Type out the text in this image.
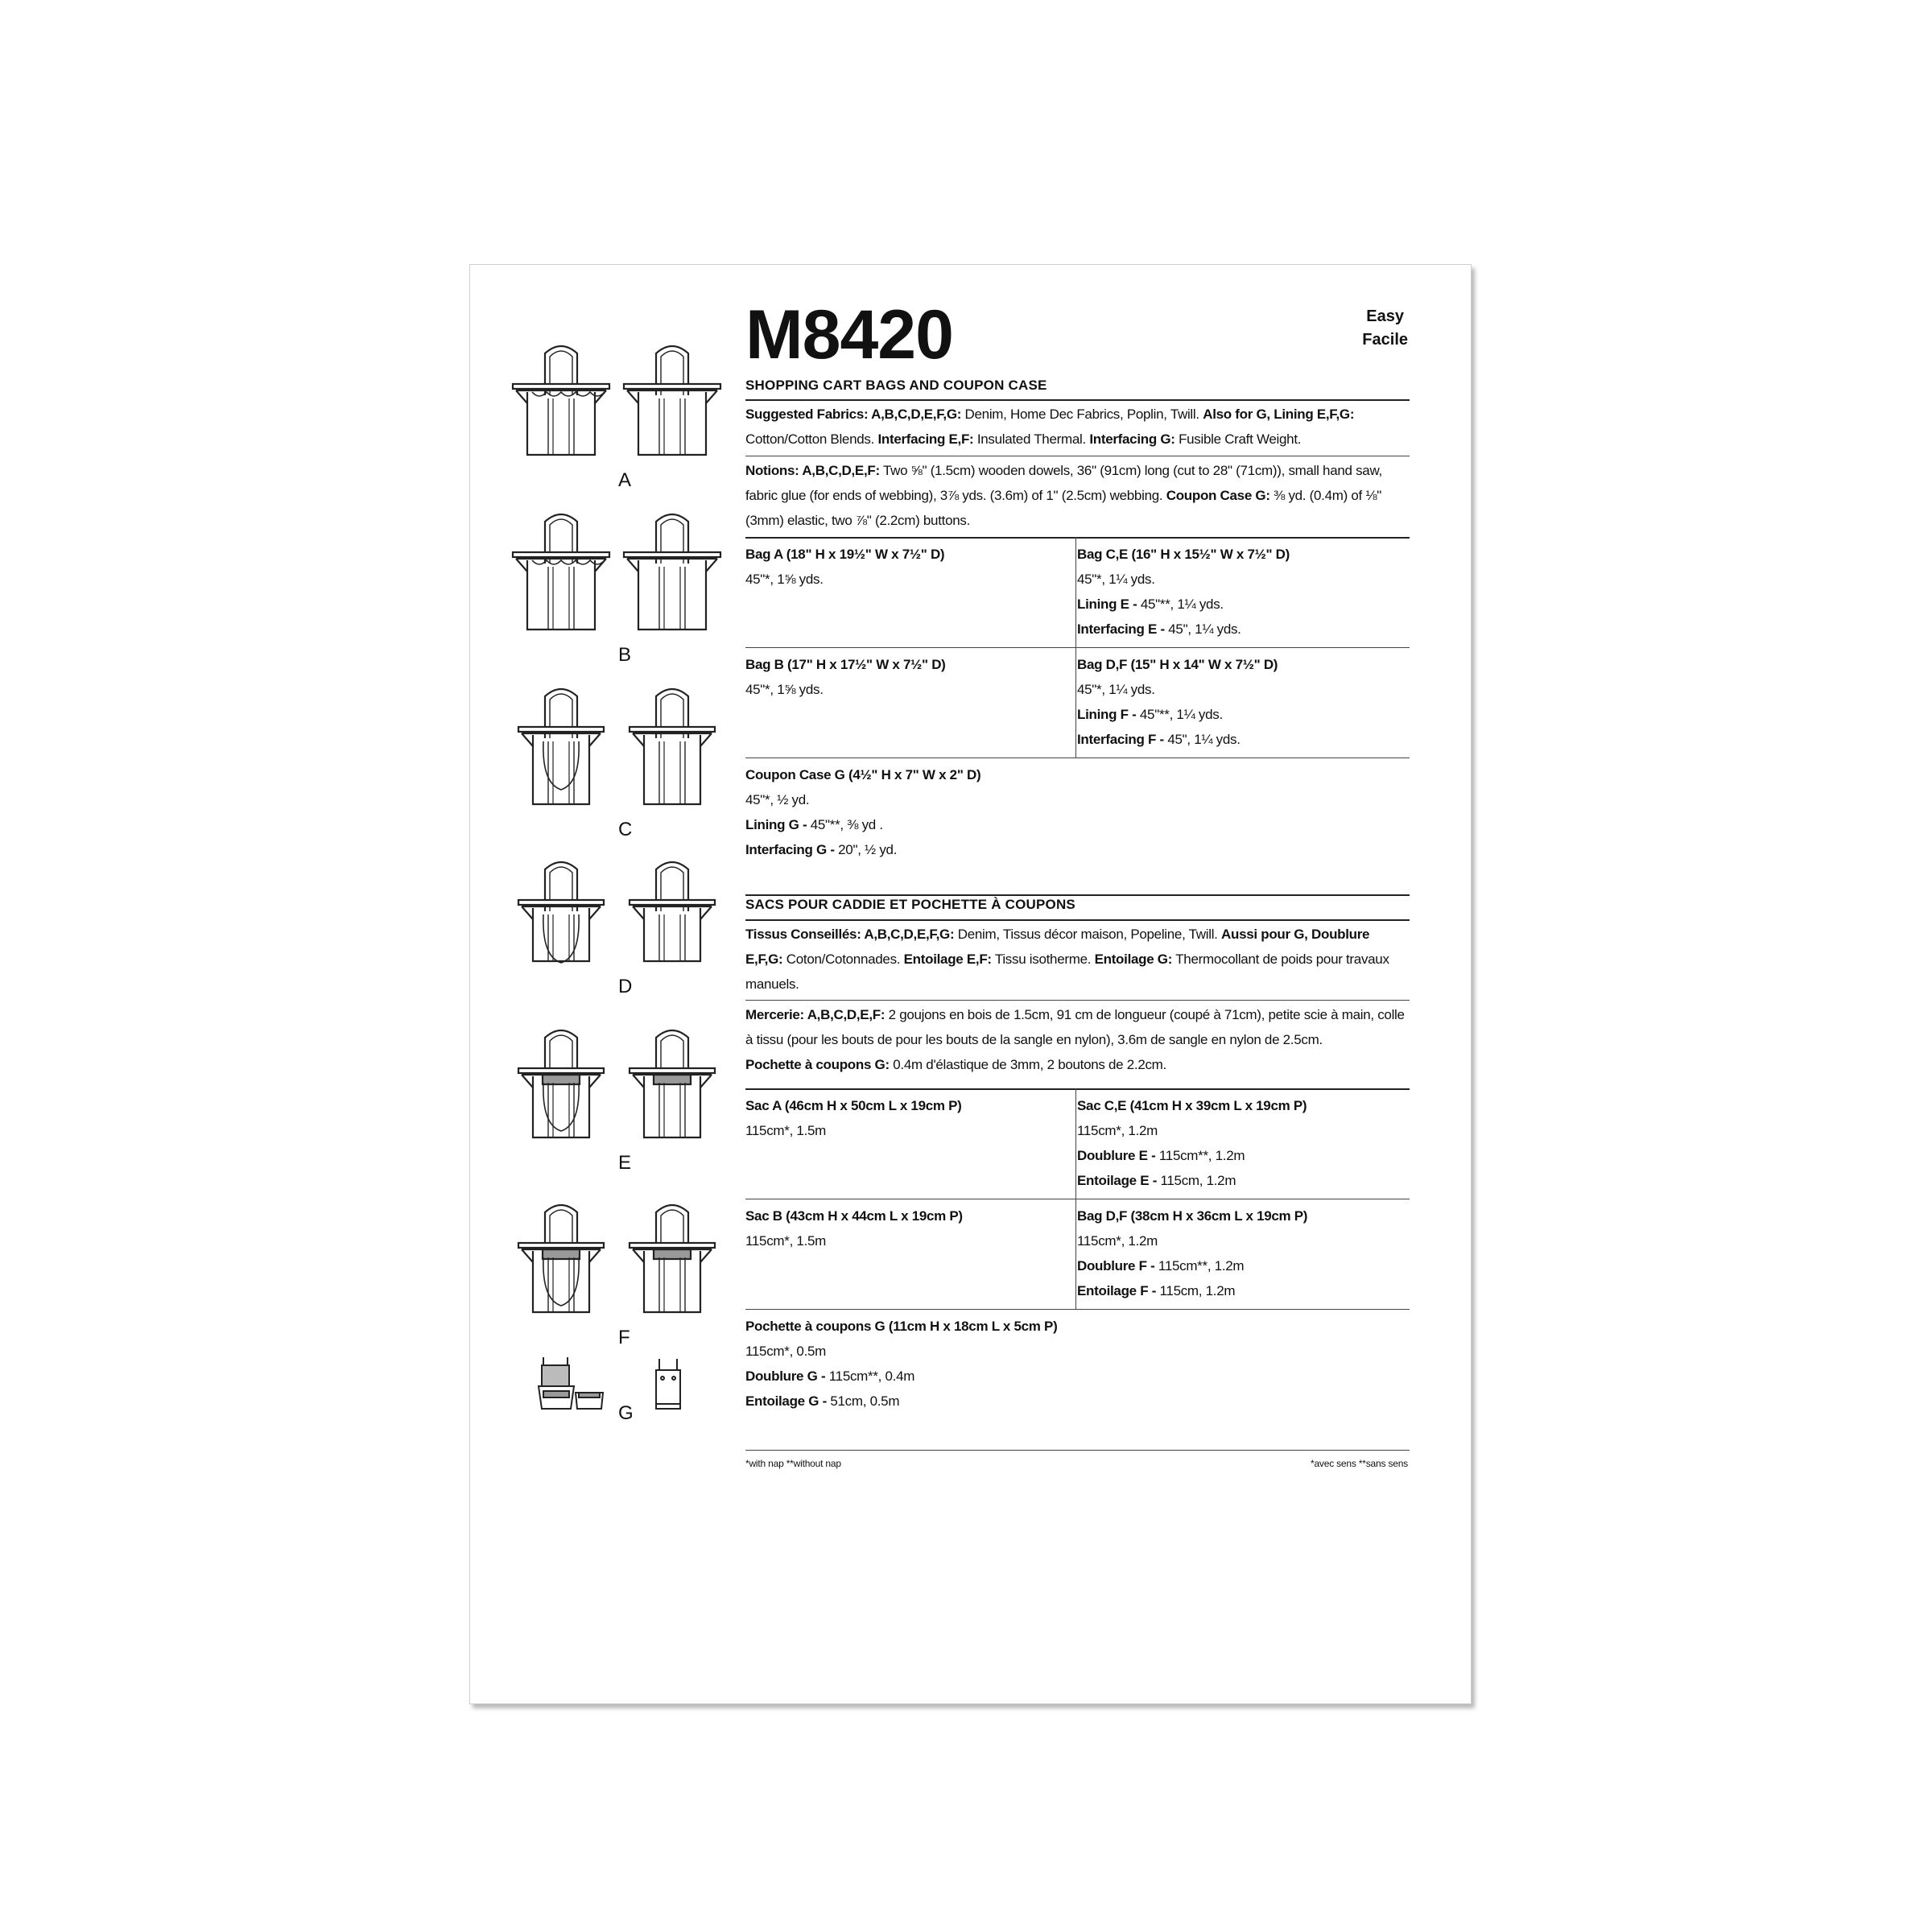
M8420	Easy
Facile
SHOPPING CART BAGS AND COUPON CASE
Suggested Fabrics: A,B,C,D,E,F,G: Denim, Home Dec Fabrics, Poplin, Twill. Also for G, Lining E,F,G: Cotton/Cotton Blends. Interfacing E,F: Insulated Thermal. Interfacing G: Fusible Craft Weight.
Notions: A,B,C,D,E,F: Two ⅝" (1.5cm) wooden dowels, 36" (91cm) long (cut to 28" (71cm)), small hand saw, fabric glue (for ends of webbing), 3⅞ yds. (3.6m) of 1" (2.5cm) webbing. Coupon Case G: ⅜ yd. (0.4m) of ⅛" (3mm) elastic, two ⅞" (2.2cm) buttons.
Bag A (18" H x 19½" W x 7½" D)
45"*, 1⅝ yds.
Bag C,E (16" H x 15½" W x 7½" D)
45"*, 1¼ yds.
Lining E - 45"**, 1¼ yds.
Interfacing E - 45", 1¼ yds.
Bag B (17" H x 17½" W x 7½" D)
45"*, 1⅝ yds.
Bag D,F (15" H x 14" W x 7½" D)
45"*, 1¼ yds.
Lining F - 45"**, 1¼ yds.
Interfacing F - 45", 1¼ yds.
Coupon Case G (4½" H x 7" W x 2" D)
45"*, ½ yd.
Lining G - 45"**, ⅜ yd .
Interfacing G - 20", ½ yd.
SACS POUR CADDIE ET POCHETTE À COUPONS
Tissus Conseillés: A,B,C,D,E,F,G: Denim, Tissus décor maison, Popeline, Twill. Aussi pour G, Doublure E,F,G: Coton/Cotonnades. Entoilage E,F: Tissu isotherme. Entoilage G: Thermocollant de poids pour travaux manuels.
Mercerie: A,B,C,D,E,F: 2 goujons en bois de 1.5cm, 91 cm de longueur (coupé à 71cm), petite scie à main, colle à tissu (pour les bouts de pour les bouts de la sangle en nylon), 3.6m de sangle en nylon de 2.5cm.
Pochette à coupons G: 0.4m d'élastique de 3mm, 2 boutons de 2.2cm.
Sac A (46cm H x 50cm L x 19cm P)
115cm*, 1.5m
Sac C,E (41cm H x 39cm L x 19cm P)
115cm*, 1.2m
Doublure E - 115cm**, 1.2m
Entoilage E - 115cm, 1.2m
Sac B (43cm H x 44cm L x 19cm P)
115cm*, 1.5m
Bag D,F (38cm H x 36cm L x 19cm P)
115cm*, 1.2m
Doublure F - 115cm**, 1.2m
Entoilage F - 115cm, 1.2m
Pochette à coupons G (11cm H x 18cm L x 5cm P)
115cm*, 0.5m
Doublure G - 115cm**, 0.4m
Entoilage G - 51cm, 0.5m
*with nap **without nap	*avec sens **sans sens
A
B
C
D
E
F
G
